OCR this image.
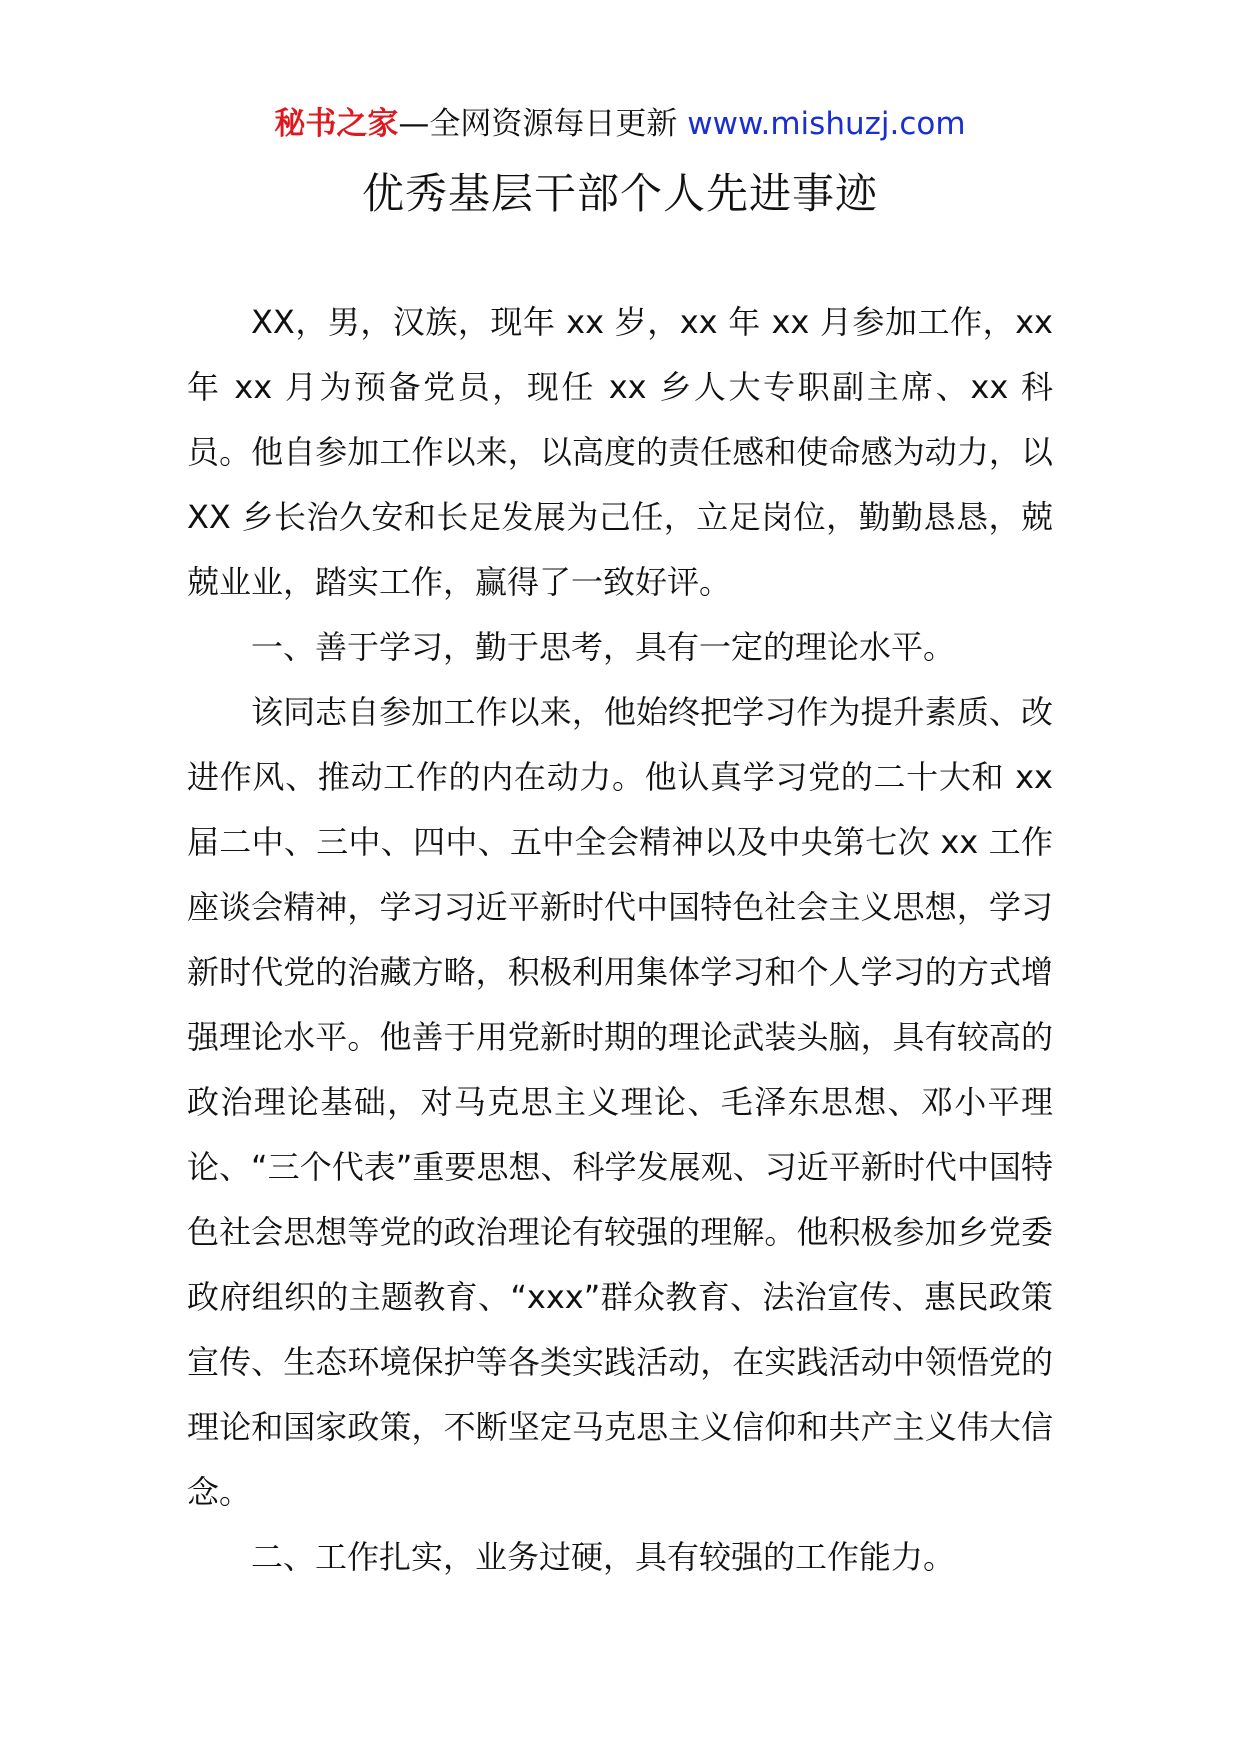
秘书之家—全网资源每日更新 www.mishuzj.com
优秀基层干部个人先进事迹

XX，男，汉族，现年 xx 岁，xx 年 xx 月参加工作，xx 年 xx 月为预备党员，现任 xx 乡人大专职副主席、xx 科员。他自参加工作以来，以高度的责任感和使命感为动力，以 XX 乡长治久安和长足发展为己任，立足岗位，勤勤恳恳，兢兢业业，踏实工作，赢得了一致好评。

一、善于学习，勤于思考，具有一定的理论水平。

该同志自参加工作以来，他始终把学习作为提升素质、改进作风、推动工作的内在动力。他认真学习党的二十大和 xx 届二中、三中、四中、五中全会精神以及中央第七次 xx 工作座谈会精神，学习习近平新时代中国特色社会主义思想，学习新时代党的治藏方略，积极利用集体学习和个人学习的方式增强理论水平。他善于用党新时期的理论武装头脑，具有较高的政治理论基础，对马克思主义理论、毛泽东思想、邓小平理论、“三个代表”重要思想、科学发展观、习近平新时代中国特色社会思想等党的政治理论有较强的理解。他积极参加乡党委政府组织的主题教育、“xxx”群众教育、法治宣传、惠民政策宣传、生态环境保护等各类实践活动，在实践活动中领悟党的理论和国家政策，不断坚定马克思主义信仰和共产主义伟大信念。

二、工作扎实，业务过硬，具有较强的工作能力。
